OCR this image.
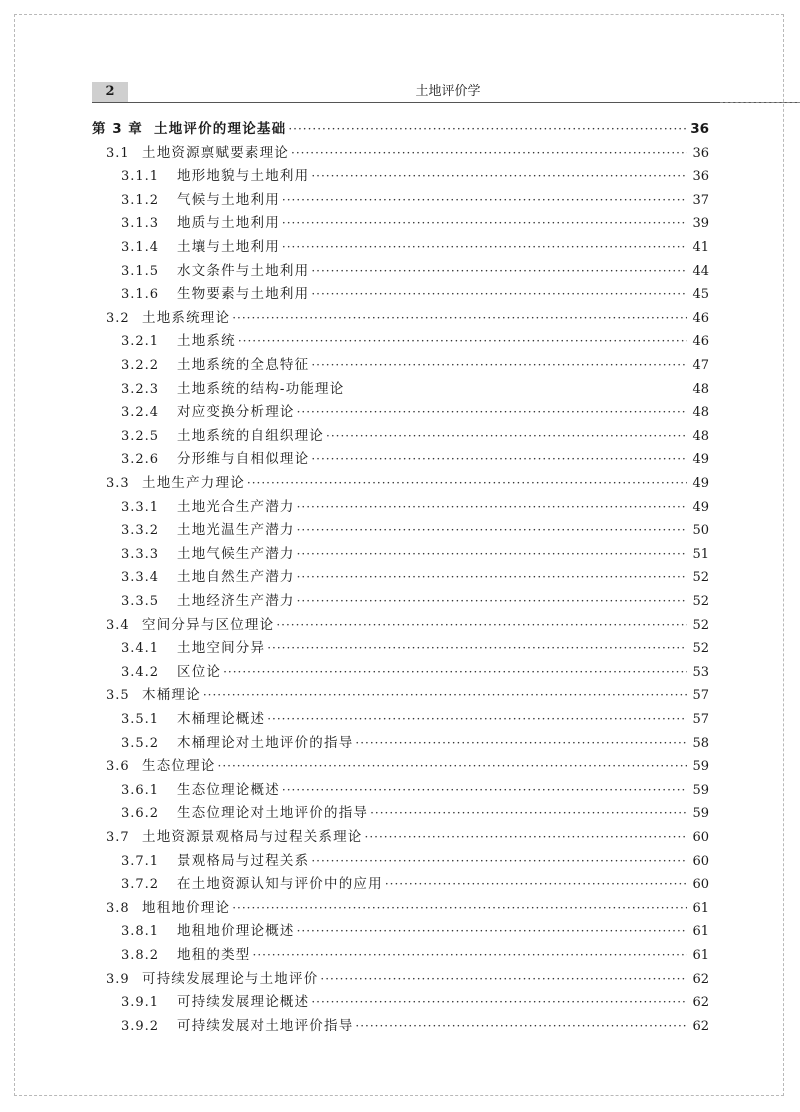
2	土地评价学
第 3 章 土地评价的理论基础 ·····	36
3.1 土地资源禀赋要素理论 ·····	36
3.1.1	地形地貌与土地利用 ·····	36
3.1.2	气候与土地利用 ·····	37
3.1.3	地质与土地利用 ·····	39
3.1.4	土壤与土地利用 ·····	41
3.1.5	水文条件与土地利用 ·····	44
3.1.6	生物要素与土地利用 ·····	45
3.2 土地系统理论 ·····	46
3.2.1	土地系统 ·····	46
3.2.2	土地系统的全息特征 ·····	47
3.2.3	土地系统的结构-功能理论	48
3.2.4	对应变换分析理论 ·····	48
3.2.5	土地系统的自组织理论 ·····	48
3.2.6	分形维与自相似理论 ·····	49
3.3 土地生产力理论 ·····	49
3.3.1	土地光合生产潜力 ·····	49
3.3.2	土地光温生产潜力 ·····	50
3.3.3	土地气候生产潜力 ·····	51
3.3.4	土地自然生产潜力 ·····	52
3.3.5	土地经济生产潜力 ·····	52
3.4 空间分异与区位理论 ·····	52
3.4.1	土地空间分异 ·····	52
3.4.2	区位论 ·····	53
3.5 木桶理论 ·····	57
3.5.1	木桶理论概述 ·····	57
3.5.2	木桶理论对土地评价的指导 ·····	58
3.6 生态位理论 ·····	59
3.6.1	生态位理论概述 ·····	59
3.6.2	生态位理论对土地评价的指导 ·····	59
3.7 土地资源景观格局与过程关系理论 ·····	60
3.7.1	景观格局与过程关系 ·····	60
3.7.2	在土地资源认知与评价中的应用 ·····	60
3.8 地租地价理论 ·····	61
3.8.1	地租地价理论概述 ·····	61
3.8.2	地租的类型 ·····	61
3.9 可持续发展理论与土地评价 ·····	62
3.9.1	可持续发展理论概述 ·····	62
3.9.2	可持续发展对土地评价指导 ·····	62
